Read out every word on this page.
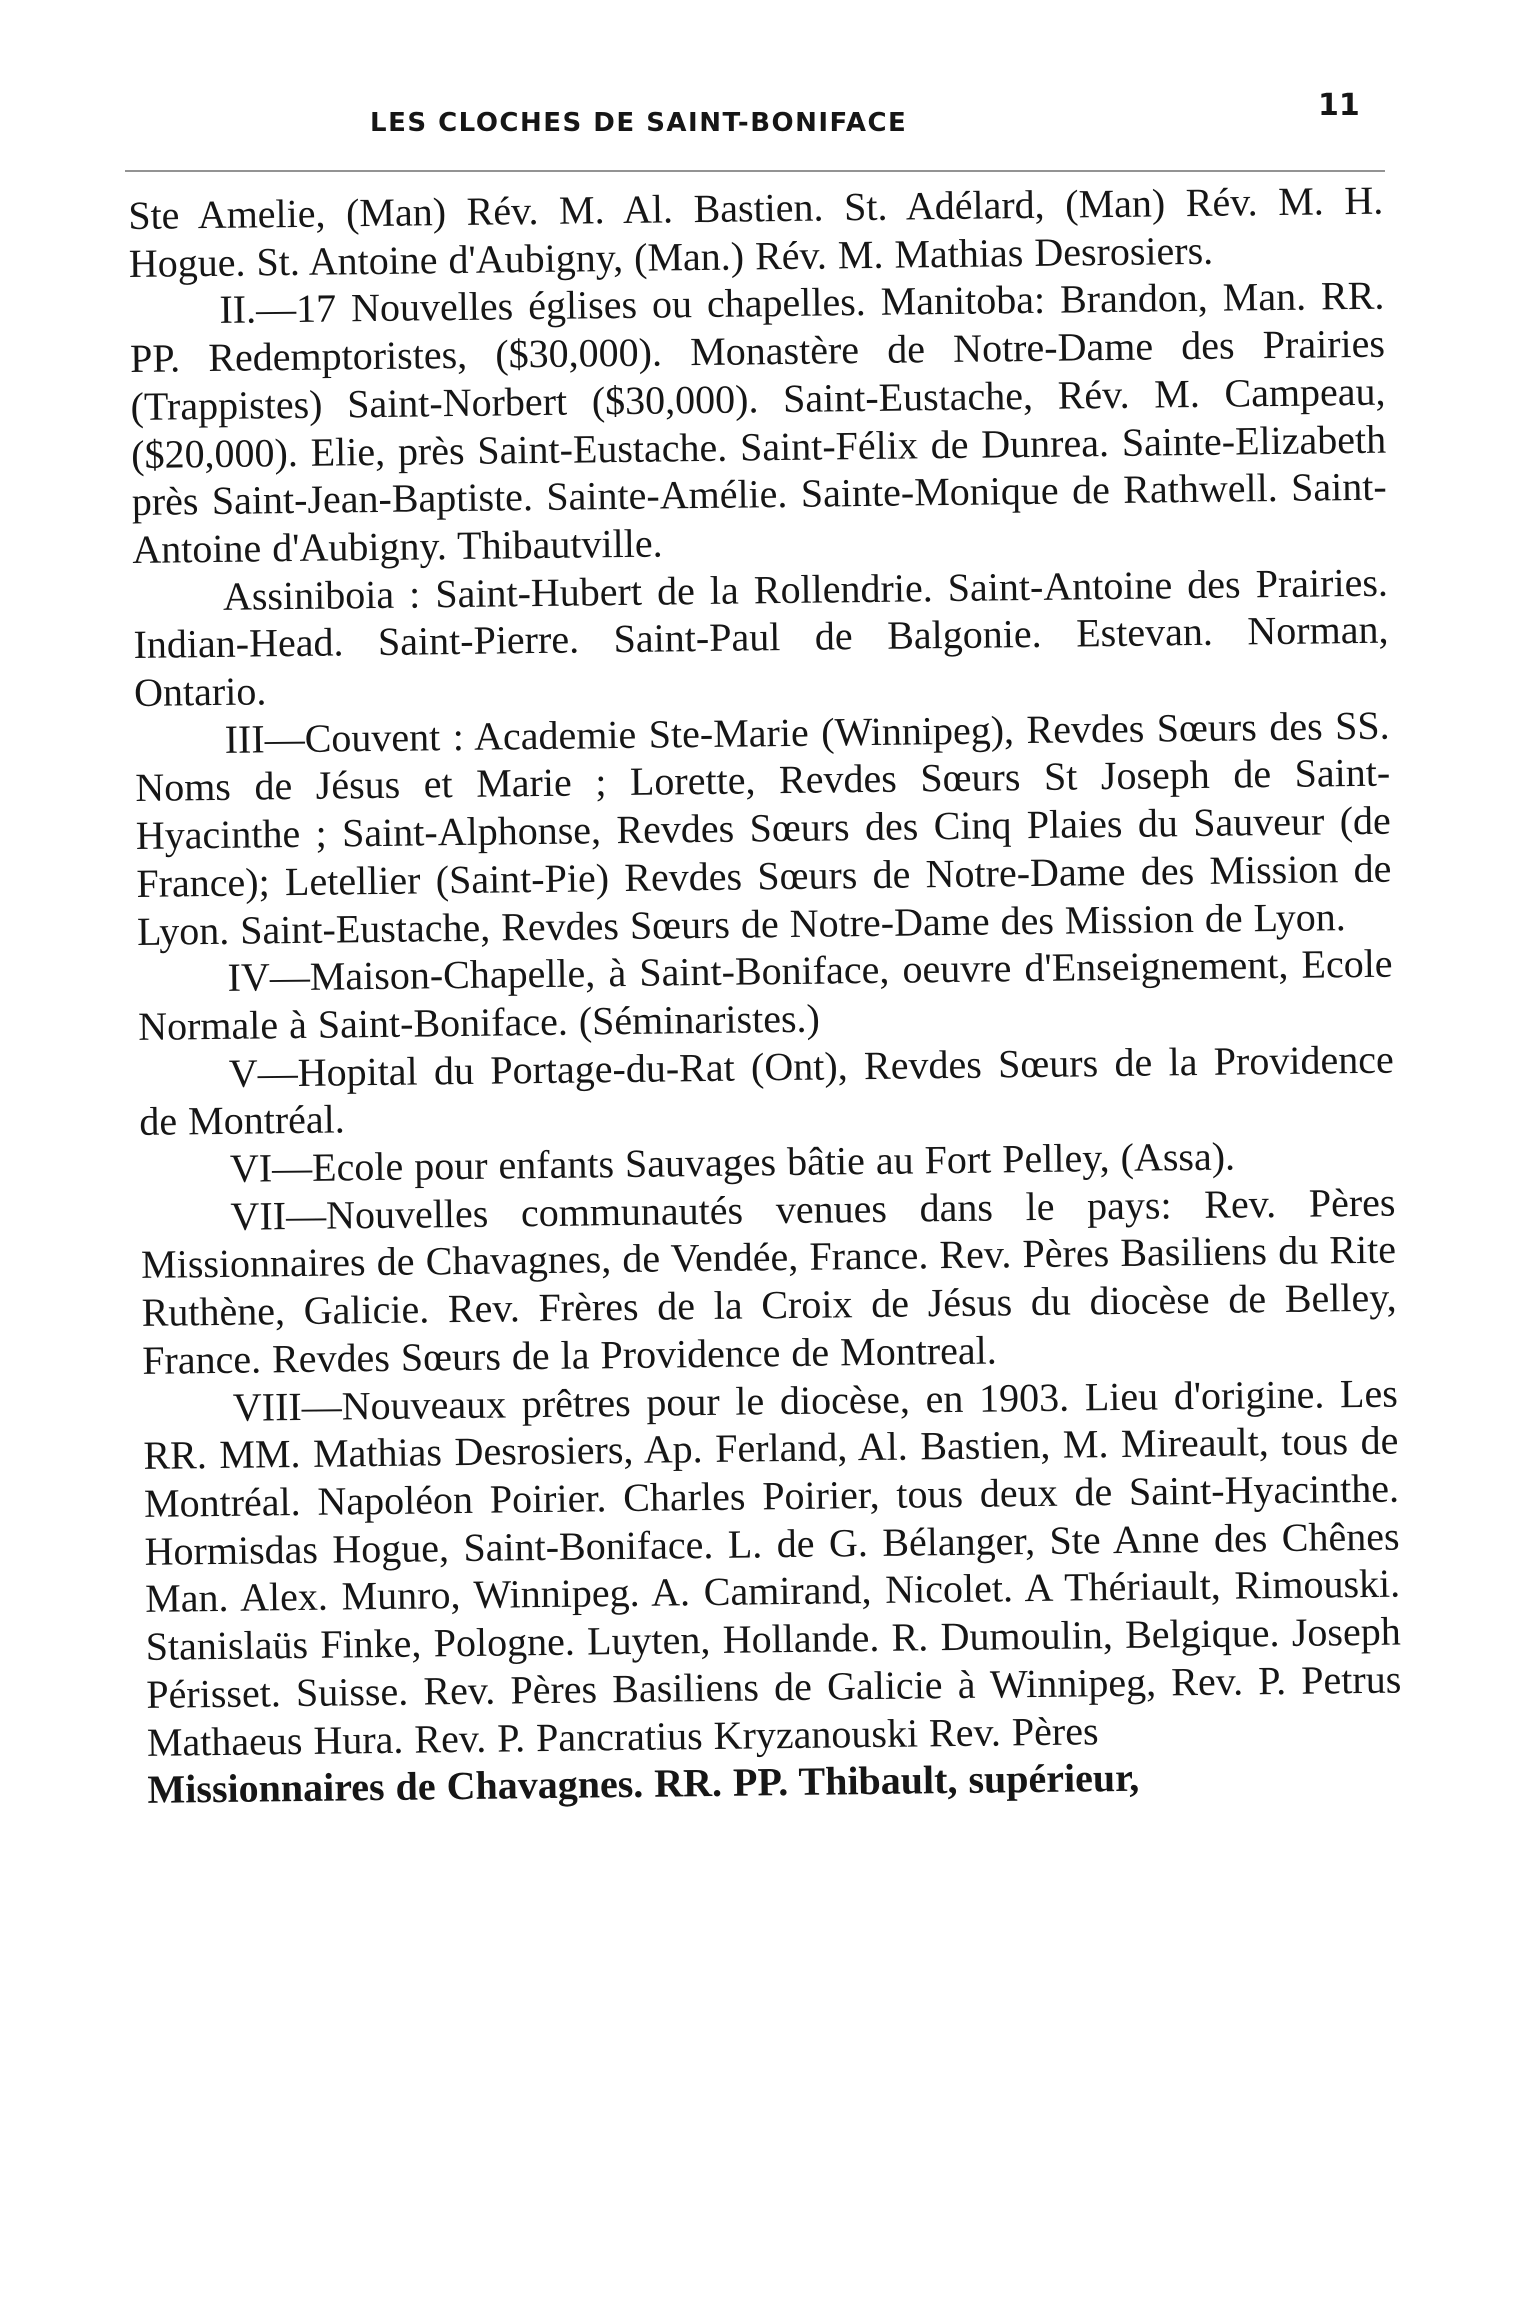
LES CLOCHES DE SAINT-BONIFACE	11

Ste Amelie, (Man) Rév. M. Al. Bastien. St. Adélard, (Man) Rév. M. H. Hogue. St. Antoine d'Aubigny, (Man.) Rév. M. Mathias Desrosiers.

II.—17 Nouvelles églises ou chapelles. Manitoba: Brandon, Man. RR. PP. Redemptoristes, ($30,000). Monastère de Notre-Dame des Prairies (Trappistes) Saint-Norbert ($30,000). Saint-Eustache, Rév. M. Campeau, ($20,000). Elie, près Saint-Eustache. Saint-Félix de Dunrea. Sainte-Elizabeth près Saint-Jean-Baptiste. Sainte-Amélie. Sainte-Monique de Rathwell. Saint-Antoine d'Aubigny. Thibautville.

Assiniboia : Saint-Hubert de la Rollendrie. Saint-Antoine des Prairies. Indian-Head. Saint-Pierre. Saint-Paul de Balgonie. Estevan. Norman, Ontario.

III—Couvent : Academie Ste-Marie (Winnipeg), Revdes Sœurs des SS. Noms de Jésus et Marie ; Lorette, Revdes Sœurs St Joseph de Saint-Hyacinthe ; Saint-Alphonse, Revdes Sœurs des Cinq Plaies du Sauveur (de France); Letellier (Saint-Pie) Revdes Sœurs de Notre-Dame des Mission de Lyon. Saint-Eustache, Revdes Sœurs de Notre-Dame des Mission de Lyon.

IV—Maison-Chapelle, à Saint-Boniface, oeuvre d'Enseignement, Ecole Normale à Saint-Boniface. (Séminaristes.)

V—Hopital du Portage-du-Rat (Ont), Revdes Sœurs de la Providence de Montréal.

VI—Ecole pour enfants Sauvages bâtie au Fort Pelley, (Assa).

VII—Nouvelles communautés venues dans le pays: Rev. Pères Missionnaires de Chavagnes, de Vendée, France. Rev. Pères Basiliens du Rite Ruthène, Galicie. Rev. Frères de la Croix de Jésus du diocèse de Belley, France. Revdes Sœurs de la Providence de Montreal.

VIII—Nouveaux prêtres pour le diocèse, en 1903. Lieu d'origine. Les RR. MM. Mathias Desrosiers, Ap. Ferland, Al. Bastien, M. Mireault, tous de Montréal. Napoléon Poirier. Charles Poirier, tous deux de Saint-Hyacinthe. Hormisdas Hogue, Saint-Boniface. L. de G. Bélanger, Ste Anne des Chênes Man. Alex. Munro, Winnipeg. A. Camirand, Nicolet. A Thériault, Rimouski. Stanislaüs Finke, Pologne. Luyten, Hollande. R. Dumoulin, Belgique. Joseph Périsset. Suisse. Rev. Pères Basiliens de Galicie à Winnipeg, Rev. P. Petrus Mathaeus Hura. Rev. P. Pancratius Kryzanouski Rev. Pères

Missionnaires de Chavagnes. RR. PP. Thibault, supérieur,
